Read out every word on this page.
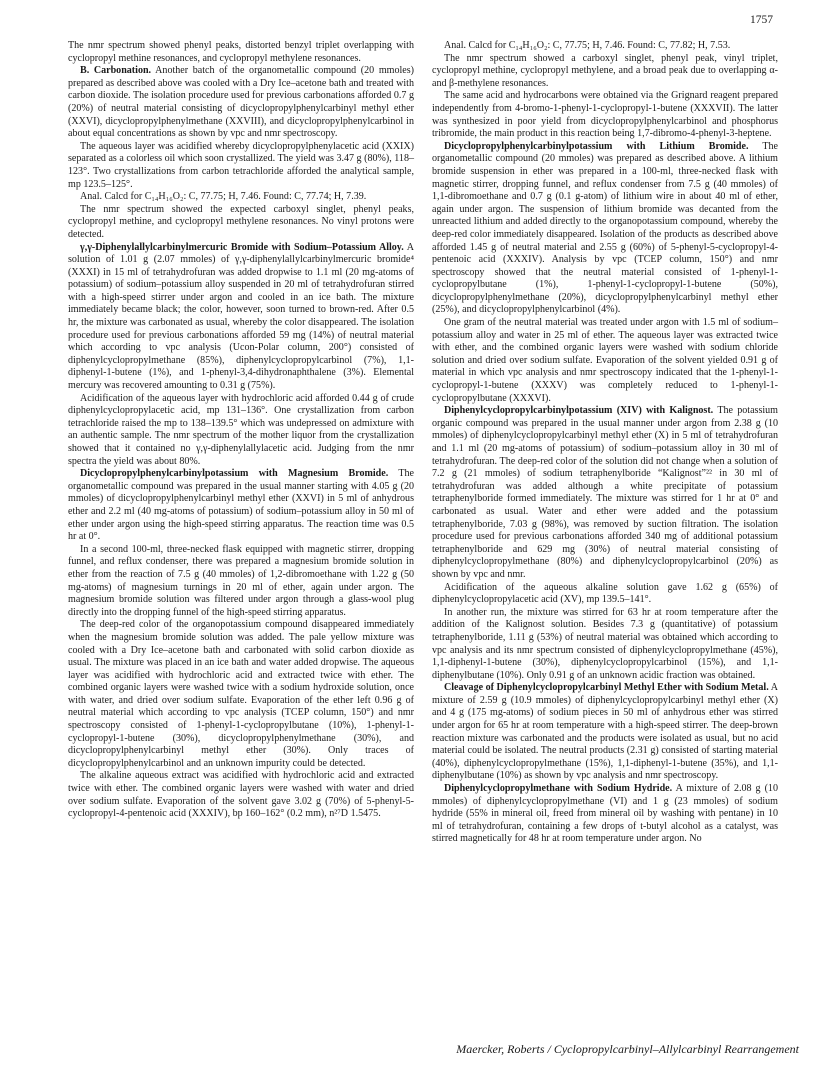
1757

The nmr spectrum showed phenyl peaks, distorted benzyl triplet overlapping with cyclopropyl methine resonances, and cyclopropyl methylene resonances.

B. Carbonation. Another batch of the organometallic compound (20 mmoles) prepared as described above was cooled with a Dry Ice–acetone bath and treated with carbon dioxide. The isolation procedure used for previous carbonations afforded 0.7 g (20%) of neutral material consisting of dicyclopropylphenylcarbinyl methyl ether (XXVI), dicyclopropylphenylmethane (XXVIII), and dicyclopropylphenylcarbinol in about equal concentrations as shown by vpc and nmr spectroscopy.

The aqueous layer was acidified whereby dicyclopropylphenylacetic acid (XXIX) separated as a colorless oil which soon crystallized. The yield was 3.47 g (80%), 118–123°. Two crystallizations from carbon tetrachloride afforded the analytical sample, mp 123.5–125°.

Anal. Calcd for C₁₄H₁₆O₂: C, 77.75; H, 7.46. Found: C, 77.74; H, 7.39.

The nmr spectrum showed the expected carboxyl singlet, phenyl peaks, cyclopropyl methine, and cyclopropyl methylene resonances. No vinyl protons were detected.

γ,γ-Diphenylallylcarbinylmercuric Bromide with Sodium–Potassium Alloy. A solution of 1.01 g (2.07 mmoles) of γ,γ-diphenylallylcarbinylmercuric bromide⁴ (XXXI) in 15 ml of tetrahydrofuran was added dropwise to 1.1 ml (20 mg-atoms of potassium) of sodium–potassium alloy suspended in 20 ml of tetrahydrofuran stirred with a high-speed stirrer under argon and cooled in an ice bath. The mixture immediately became black; the color, however, soon turned to brown-red. After 0.5 hr, the mixture was carbonated as usual, whereby the color disappeared. The isolation procedure used for previous carbonations afforded 59 mg (14%) of neutral material which according to vpc analysis (Ucon-Polar column, 200°) consisted of diphenylcyclopropylmethane (85%), diphenylcyclopropylcarbinol (7%), 1,1-diphenyl-1-butene (1%), and 1-phenyl-3,4-dihydronaphthalene (3%). Elemental mercury was recovered amounting to 0.31 g (75%).

Acidification of the aqueous layer with hydrochloric acid afforded 0.44 g of crude diphenylcyclopropylacetic acid, mp 131–136°. One crystallization from carbon tetrachloride raised the mp to 138–139.5° which was undepressed on admixture with an authentic sample. The nmr spectrum of the mother liquor from the crystallization showed that it contained no γ,γ-diphenylallylacetic acid. Judging from the nmr spectra the yield was about 80%.

Dicyclopropylphenylcarbinylpotassium with Magnesium Bromide. The organometallic compound was prepared in the usual manner starting with 4.05 g (20 mmoles) of dicyclopropylphenylcarbinyl methyl ether (XXVI) in 5 ml of anhydrous ether and 2.2 ml (40 mg-atoms of potassium) of sodium–potassium alloy in 50 ml of ether under argon using the high-speed stirring apparatus. The reaction time was 0.5 hr at 0°.

In a second 100-ml, three-necked flask equipped with magnetic stirrer, dropping funnel, and reflux condenser, there was prepared a magnesium bromide solution in ether from the reaction of 7.5 g (40 mmoles) of 1,2-dibromoethane with 1.22 g (50 mg-atoms) of magnesium turnings in 20 ml of ether, again under argon. The magnesium bromide solution was filtered under argon through a glass-wool plug directly into the dropping funnel of the high-speed stirring apparatus.

The deep-red color of the organopotassium compound disappeared immediately when the magnesium bromide solution was added. The pale yellow mixture was cooled with a Dry Ice–acetone bath and carbonated with solid carbon dioxide as usual. The mixture was placed in an ice bath and water added dropwise. The aqueous layer was acidified with hydrochloric acid and extracted twice with ether. The combined organic layers were washed twice with a sodium hydroxide solution, once with water, and dried over sodium sulfate. Evaporation of the ether left 0.96 g of neutral material which according to vpc analysis (TCEP column, 150°) and nmr spectroscopy consisted of 1-phenyl-1-cyclopropylbutane (10%), 1-phenyl-1-cyclopropyl-1-butene (30%), dicyclopropylphenylmethane (30%), and dicyclopropylphenylcarbinyl methyl ether (30%). Only traces of dicyclopropylphenylcarbinol and an unknown impurity could be detected.

The alkaline aqueous extract was acidified with hydrochloric acid and extracted twice with ether. The combined organic layers were washed with water and dried over sodium sulfate. Evaporation of the solvent gave 3.02 g (70%) of 5-phenyl-5-cyclopropyl-4-pentenoic acid (XXXIV), bp 160–162° (0.2 mm), n²⁷D 1.5475.

Anal. Calcd for C₁₄H₁₆O₂: C, 77.75; H, 7.46. Found: C, 77.82; H, 7.53.

The nmr spectrum showed a carboxyl singlet, phenyl peak, vinyl triplet, cyclopropyl methine, cyclopropyl methylene, and a broad peak due to overlapping α- and β-methylene resonances.

The same acid and hydrocarbons were obtained via the Grignard reagent prepared independently from 4-bromo-1-phenyl-1-cyclopropyl-1-butene (XXXVII). The latter was synthesized in poor yield from dicyclopropylphenylcarbinol and phosphorus tribromide, the main product in this reaction being 1,7-dibromo-4-phenyl-3-heptene.

Dicyclopropylphenylcarbinylpotassium with Lithium Bromide. The organometallic compound (20 mmoles) was prepared as described above. A lithium bromide suspension in ether was prepared in a 100-ml, three-necked flask with magnetic stirrer, dropping funnel, and reflux condenser from 7.5 g (40 mmoles) of 1,1-dibromoethane and 0.7 g (0.1 g-atom) of lithium wire in about 40 ml of ether, again under argon. The suspension of lithium bromide was decanted from the unreacted lithium and added directly to the organopotassium compound, whereby the deep-red color immediately disappeared. Isolation of the products as described above afforded 1.45 g of neutral material and 2.55 g (60%) of 5-phenyl-5-cyclopropyl-4-pentenoic acid (XXXIV). Analysis by vpc (TCEP column, 150°) and nmr spectroscopy showed that the neutral material consisted of 1-phenyl-1-cyclopropylbutane (1%), 1-phenyl-1-cyclopropyl-1-butene (50%), dicyclopropylphenylmethane (20%), dicyclopropylphenylcarbinyl methyl ether (25%), and dicyclopropylphenylcarbinol (4%).

One gram of the neutral material was treated under argon with 1.5 ml of sodium–potassium alloy and water in 25 ml of ether. The aqueous layer was extracted twice with ether, and the combined organic layers were washed with sodium chloride solution and dried over sodium sulfate. Evaporation of the solvent yielded 0.91 g of material in which vpc analysis and nmr spectroscopy indicated that the 1-phenyl-1-cyclopropyl-1-butene (XXXV) was completely reduced to 1-phenyl-1-cyclopropylbutane (XXXVI).

Diphenylcyclopropylcarbinylpotassium (XIV) with Kalignost. The potassium organic compound was prepared in the usual manner under argon from 2.38 g (10 mmoles) of diphenylcyclopropylcarbinyl methyl ether (X) in 5 ml of tetrahydrofuran and 1.1 ml (20 mg-atoms of potassium) of sodium–potassium alloy in 30 ml of tetrahydrofuran. The deep-red color of the solution did not change when a solution of 7.2 g (21 mmoles) of sodium tetraphenylboride “Kalignost”²² in 30 ml of tetrahydrofuran was added although a white precipitate of potassium tetraphenylboride formed immediately. The mixture was stirred for 1 hr at 0° and carbonated as usual. Water and ether were added and the potassium tetraphenylboride, 7.03 g (98%), was removed by suction filtration. The isolation procedure used for previous carbonations afforded 340 mg of additional potassium tetraphenylboride and 629 mg (30%) of neutral material consisting of diphenylcyclopropylmethane (80%) and diphenylcyclopropylcarbinol (20%) as shown by vpc and nmr.

Acidification of the aqueous alkaline solution gave 1.62 g (65%) of diphenylcyclopropylacetic acid (XV), mp 139.5–141°.

In another run, the mixture was stirred for 63 hr at room temperature after the addition of the Kalignost solution. Besides 7.3 g (quantitative) of potassium tetraphenylboride, 1.11 g (53%) of neutral material was obtained which according to vpc analysis and its nmr spectrum consisted of diphenylcyclopropylmethane (45%), 1,1-diphenyl-1-butene (30%), diphenylcyclopropylcarbinol (15%), and 1,1-diphenylbutane (10%). Only 0.91 g of an unknown acidic fraction was obtained.

Cleavage of Diphenylcyclopropylcarbinyl Methyl Ether with Sodium Metal. A mixture of 2.59 g (10.9 mmoles) of diphenylcyclopropylcarbinyl methyl ether (X) and 4 g (175 mg-atoms) of sodium pieces in 50 ml of anhydrous ether was stirred under argon for 65 hr at room temperature with a high-speed stirrer. The deep-brown reaction mixture was carbonated and the products were isolated as usual, but no acid material could be isolated. The neutral products (2.31 g) consisted of starting material (40%), diphenylcyclopropylmethane (15%), 1,1-diphenyl-1-butene (35%), and 1,1-diphenylbutane (10%) as shown by vpc analysis and nmr spectroscopy.

Diphenylcyclopropylmethane with Sodium Hydride. A mixture of 2.08 g (10 mmoles) of diphenylcyclopropylmethane (VI) and 1 g (23 mmoles) of sodium hydride (55% in mineral oil, freed from mineral oil by washing with pentane) in 10 ml of tetrahydrofuran, containing a few drops of t-butyl alcohol as a catalyst, was stirred magnetically for 48 hr at room temperature under argon. No

Maercker, Roberts / Cyclopropylcarbinyl–Allylcarbinyl Rearrangement
